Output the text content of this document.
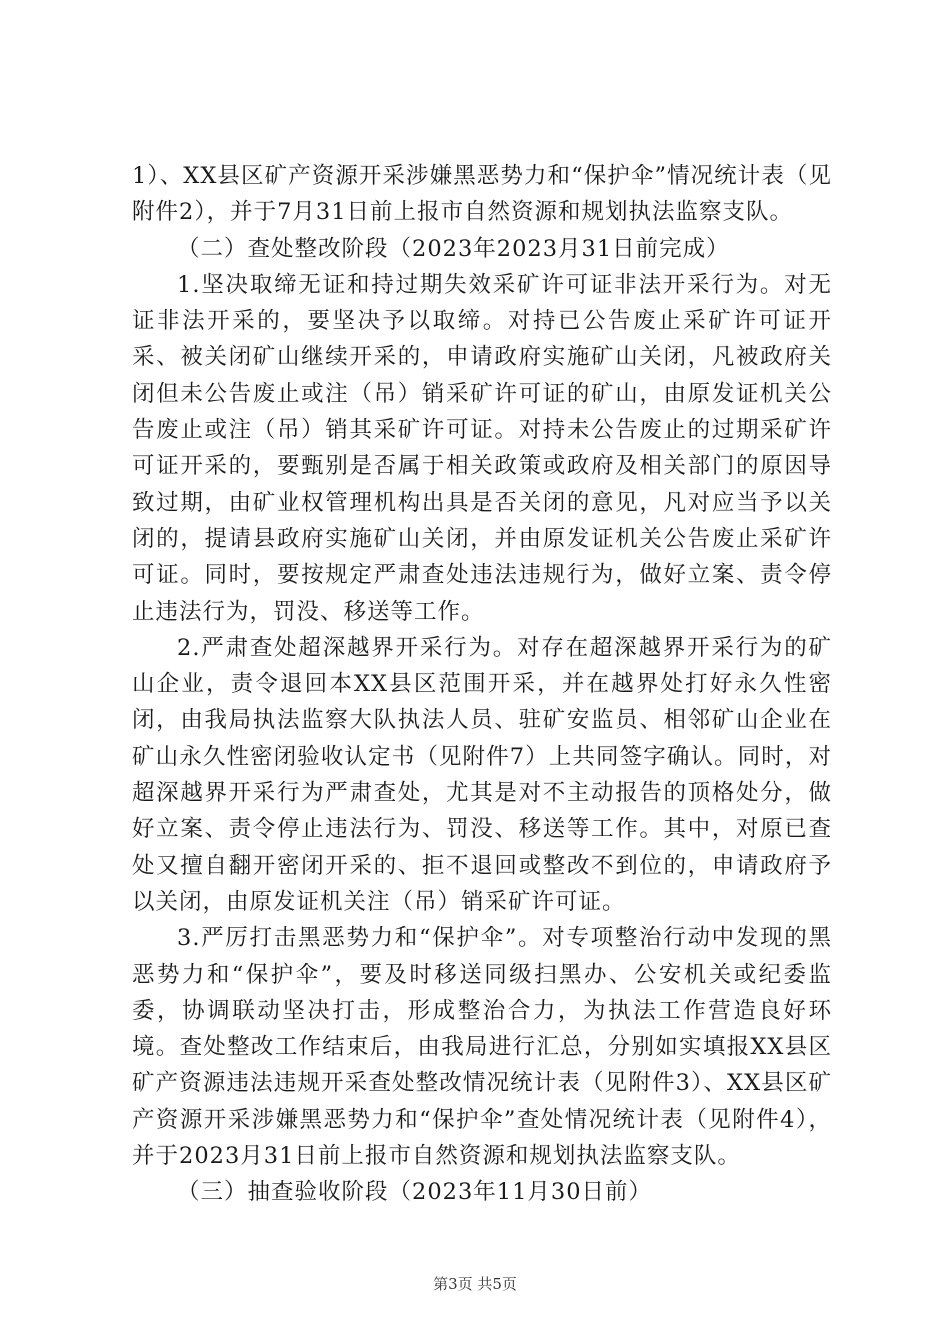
1）、XX县区矿产资源开采涉嫌黑恶势力和“保护伞”情况统计表（见附件2），并于7月31日前上报市自然资源和规划执法监察支队。

（二）查处整改阶段（2023年2023月31日前完成）

1.坚决取缔无证和持过期失效采矿许可证非法开采行为。对无证非法开采的，要坚决予以取缔。对持已公告废止采矿许可证开采、被关闭矿山继续开采的，申请政府实施矿山关闭，凡被政府关闭但未公告废止或注（吊）销采矿许可证的矿山，由原发证机关公告废止或注（吊）销其采矿许可证。对持未公告废止的过期采矿许可证开采的，要甄别是否属于相关政策或政府及相关部门的原因导致过期，由矿业权管理机构出具是否关闭的意见，凡对应当予以关闭的，提请县政府实施矿山关闭，并由原发证机关公告废止采矿许可证。同时，要按规定严肃查处违法违规行为，做好立案、责令停止违法行为，罚没、移送等工作。

2.严肃查处超深越界开采行为。对存在超深越界开采行为的矿山企业，责令退回本XX县区范围开采，并在越界处打好永久性密闭，由我局执法监察大队执法人员、驻矿安监员、相邻矿山企业在矿山永久性密闭验收认定书（见附件7）上共同签字确认。同时，对超深越界开采行为严肃查处，尤其是对不主动报告的顶格处分，做好立案、责令停止违法行为、罚没、移送等工作。其中，对原已查处又擅自翻开密闭开采的、拒不退回或整改不到位的，申请政府予以关闭，由原发证机关注（吊）销采矿许可证。

3.严厉打击黑恶势力和“保护伞”。对专项整治行动中发现的黑恶势力和“保护伞”，要及时移送同级扫黑办、公安机关或纪委监委，协调联动坚决打击，形成整治合力，为执法工作营造良好环境。查处整改工作结束后，由我局进行汇总，分别如实填报XX县区矿产资源违法违规开采查处整改情况统计表（见附件3）、XX县区矿产资源开采涉嫌黑恶势力和“保护伞”查处情况统计表（见附件4），并于2023月31日前上报市自然资源和规划执法监察支队。

（三）抽查验收阶段（2023年11月30日前）

第3页 共5页
